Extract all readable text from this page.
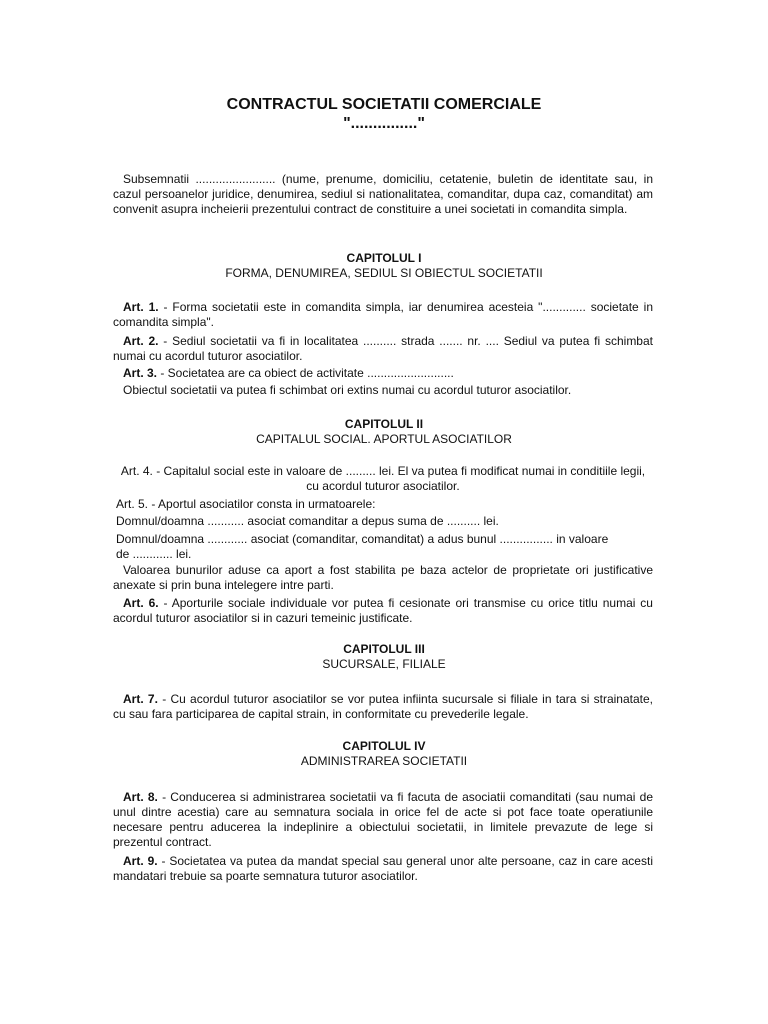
CONTRACTUL SOCIETATII COMERCIALE
"..............."

Subsemnatii ........................ (nume, prenume, domiciliu, cetatenie, buletin de identitate sau, in cazul persoanelor juridice, denumirea, sediul si nationalitatea, comanditar, dupa caz, comanditat) am convenit asupra incheierii prezentului contract de constituire a unei societati in comandita simpla.

CAPITOLUL I
FORMA, DENUMIREA, SEDIUL SI OBIECTUL SOCIETATII

Art. 1. - Forma societatii este in comandita simpla, iar denumirea acesteia "............. societate in comandita simpla".

Art. 2. - Sediul societatii va fi in localitatea .......... strada ....... nr. .... Sediul va putea fi schimbat numai cu acordul tuturor asociatilor.

Art. 3. - Societatea are ca obiect de activitate ..........................

Obiectul societatii va putea fi schimbat ori extins numai cu acordul tuturor asociatilor.

CAPITOLUL II
CAPITALUL SOCIAL. APORTUL ASOCIATILOR

Art. 4. - Capitalul social este in valoare de ......... lei. El va putea fi modificat numai in conditiile legii, cu acordul tuturor asociatilor.

Art. 5. - Aportul asociatilor consta in urmatoarele:

Domnul/doamna ........... asociat comanditar a depus suma de .......... lei.

Domnul/doamna ............ asociat (comanditar, comanditat) a adus bunul ................ in valoare de ............ lei.

Valoarea bunurilor aduse ca aport a fost stabilita pe baza actelor de proprietate ori justificative anexate si prin buna intelegere intre parti.

Art. 6. - Aporturile sociale individuale vor putea fi cesionate ori transmise cu orice titlu numai cu acordul tuturor asociatilor si in cazuri temeinic justificate.

CAPITOLUL III
SUCURSALE, FILIALE

Art. 7. - Cu acordul tuturor asociatilor se vor putea infiinta sucursale si filiale in tara si strainatate, cu sau fara participarea de capital strain, in conformitate cu prevederile legale.

CAPITOLUL IV
ADMINISTRAREA SOCIETATII

Art. 8. - Conducerea si administrarea societatii va fi facuta de asociatii comanditati (sau numai de unul dintre acestia) care au semnatura sociala in orice fel de acte si pot face toate operatiunile necesare pentru aducerea la indeplinire a obiectului societatii, in limitele prevazute de lege si prezentul contract.

Art. 9. - Societatea va putea da mandat special sau general unor alte persoane, caz in care acesti mandatari trebuie sa poarte semnatura tuturor asociatilor.
